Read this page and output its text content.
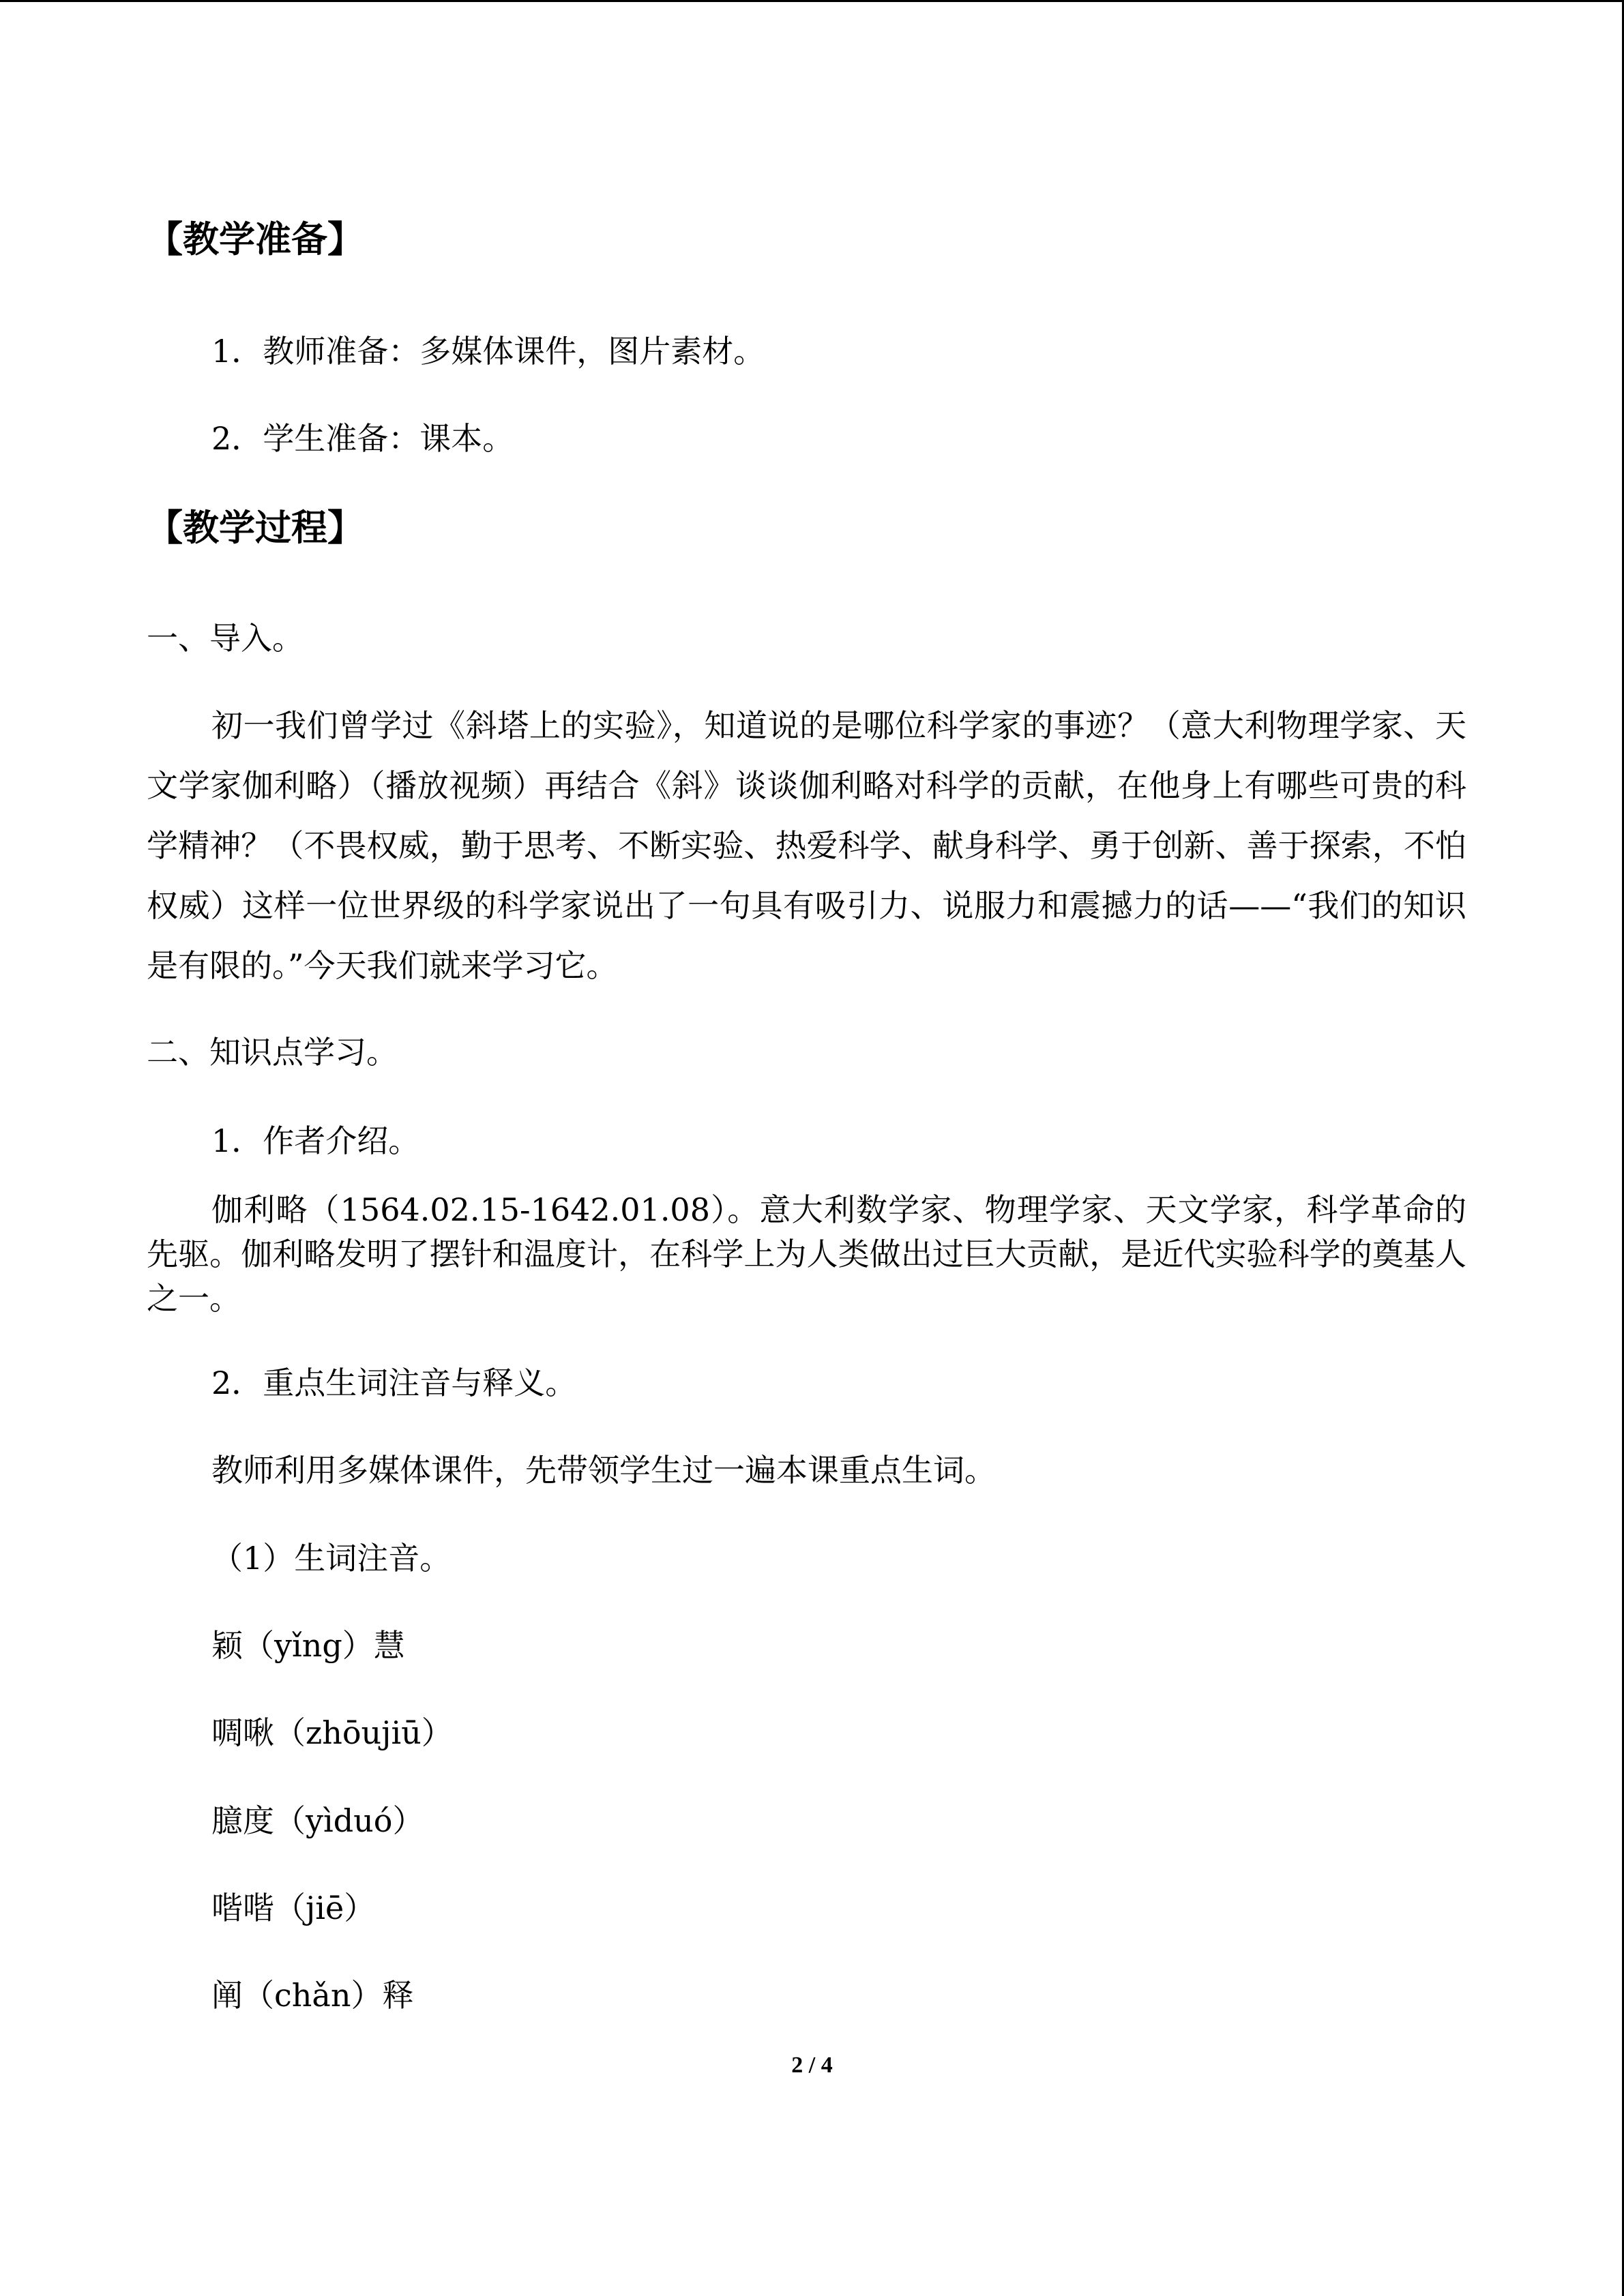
【教学准备】
1．教师准备：多媒体课件，图片素材。
2．学生准备：课本。
【教学过程】
一、导入。
初一我们曾学过《斜塔上的实验》，知道说的是哪位科学家的事迹？（意大利物理学家、天文学家伽利略）（播放视频）再结合《斜》谈谈伽利略对科学的贡献，在他身上有哪些可贵的科学精神？（不畏权威，勤于思考、不断实验、热爱科学、献身科学、勇于创新、善于探索，不怕权威）这样一位世界级的科学家说出了一句具有吸引力、说服力和震撼力的话——“我们的知识是有限的。”今天我们就来学习它。
二、知识点学习。
1．作者介绍。
伽利略（1564.02.15-1642.01.08）。意大利数学家、物理学家、天文学家，科学革命的先驱。伽利略发明了摆针和温度计，在科学上为人类做出过巨大贡献，是近代实验科学的奠基人之一。
2．重点生词注音与释义。
教师利用多媒体课件，先带领学生过一遍本课重点生词。
（1）生词注音。
颖（yǐng）慧
啁啾（zhōujiū）
臆度（yìduó）
喈喈（jiē）
阐（chǎn）释
2 / 4
